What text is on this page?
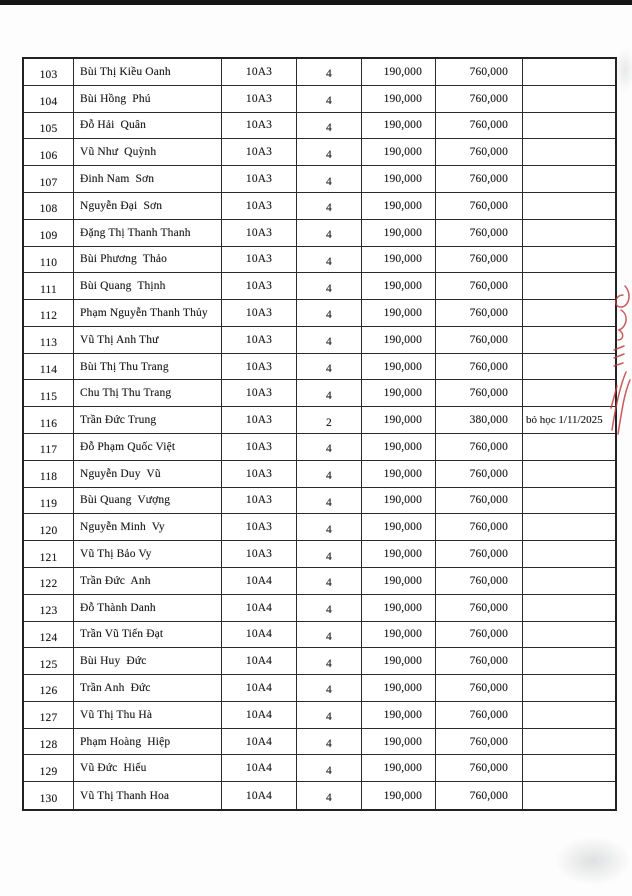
103	Bùi Thị Kiều Oanh	10A3	4	190,000	760,000
104	Bùi Hồng  Phú	10A3	4	190,000	760,000
105	Đỗ Hải  Quân	10A3	4	190,000	760,000
106	Vũ Như  Quỳnh	10A3	4	190,000	760,000
107	Đinh Nam  Sơn	10A3	4	190,000	760,000
108	Nguyễn Đại  Sơn	10A3	4	190,000	760,000
109	Đặng Thị Thanh Thanh	10A3	4	190,000	760,000
110	Bùi Phương  Thảo	10A3	4	190,000	760,000
111	Bùi Quang  Thịnh	10A3	4	190,000	760,000
112	Phạm Nguyễn Thanh Thủy	10A3	4	190,000	760,000
113	Vũ Thị Anh Thư	10A3	4	190,000	760,000
114	Bùi Thị Thu Trang	10A3	4	190,000	760,000
115	Chu Thị Thu Trang	10A3	4	190,000	760,000
116	Trần Đức Trung	10A3	2	190,000	380,000	bỏ học 1/11/2025
117	Đỗ Phạm Quốc Việt	10A3	4	190,000	760,000
118	Nguyễn Duy  Vũ	10A3	4	190,000	760,000
119	Bùi Quang  Vượng	10A3	4	190,000	760,000
120	Nguyễn Minh  Vy	10A3	4	190,000	760,000
121	Vũ Thị Bảo Vy	10A3	4	190,000	760,000
122	Trần Đức  Anh	10A4	4	190,000	760,000
123	Đỗ Thành Danh	10A4	4	190,000	760,000
124	Trần Vũ Tiến Đạt	10A4	4	190,000	760,000
125	Bùi Huy  Đức	10A4	4	190,000	760,000
126	Trần Anh  Đức	10A4	4	190,000	760,000
127	Vũ Thị Thu Hà	10A4	4	190,000	760,000
128	Phạm Hoàng  Hiệp	10A4	4	190,000	760,000
129	Vũ Đức  Hiếu	10A4	4	190,000	760,000
130	Vũ Thị Thanh Hoa	10A4	4	190,000	760,000
